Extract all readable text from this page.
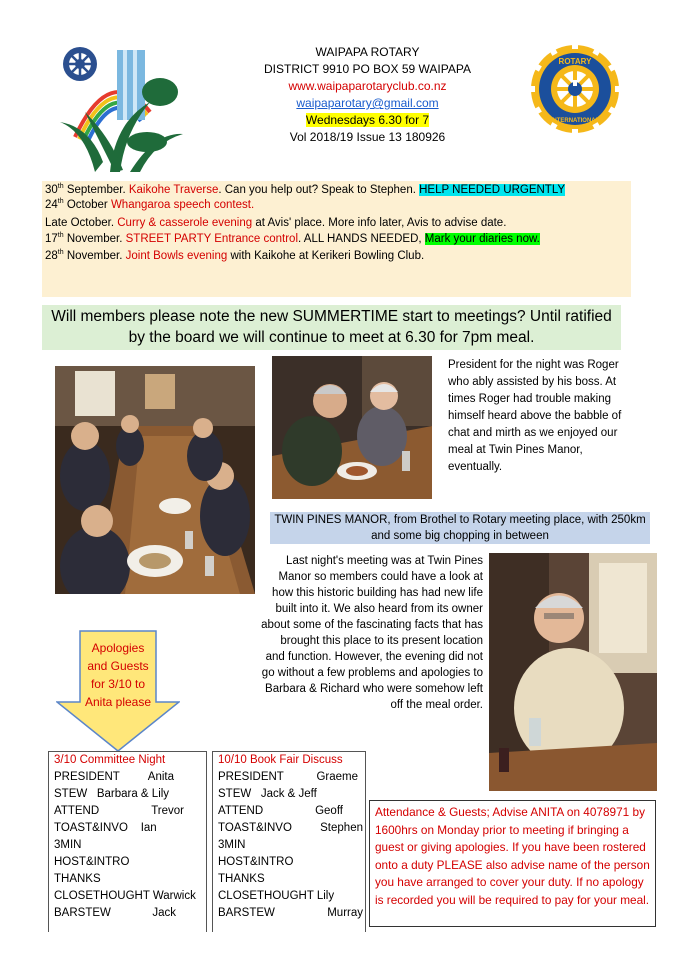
WAIPAPA ROTARY
DISTRICT 9910 PO BOX 59 WAIPAPA
www.waipaparotaryclub.co.nz
waipaparotary@gmail.com
Wednesdays 6.30 for 7
Vol 2018/19 Issue 13 180926
ROTARY
INTERNATIONAL
30th September. Kaikohe Traverse. Can you help out? Speak to Stephen. HELP NEEDED URGENTLY
24th October Whangaroa speech contest.
Late October. Curry & casserole evening at Avis' place. More info later, Avis to advise date.
17th November. STREET PARTY Entrance control. ALL HANDS NEEDED, Mark your diaries now.
28th November. Joint Bowls evening with Kaikohe at Kerikeri Bowling Club.
Will members please note the new SUMMERTIME start to meetings? Until ratified by the board we will continue to meet at 6.30 for 7pm meal.
President for the night was Roger who ably assisted by his boss. At times Roger had trouble making himself heard above the babble of chat and mirth as we enjoyed our meal at Twin Pines Manor, eventually.
TWIN PINES MANOR, from Brothel to Rotary meeting place, with 250km and some big chopping in between
Last night's meeting was at Twin Pines Manor so members could have a look at how this historic building has had new life built into it. We also heard from its owner about some of the fascinating facts that has brought this place to its present location and function. However, the evening did not go without a few problems and apologies to Barbara & Richard who were somehow left off the meal order.
Apologies and Guests for 3/10 to Anita please
3/10 Committee Night
PRESIDENT Anita
STEW Barbara & Lily
ATTEND	Trevor
TOAST&INVO Ian
3MIN
HOST&INTRO
THANKS
CLOSETHOUGHT Warwick
BARSTEW	Jack
10/10 Book Fair Discuss
PRESIDENT	Graeme
STEW Jack & Jeff
ATTEND	Geoff
TOAST&INVO Stephen
3MIN
HOST&INTRO
THANKS
CLOSETHOUGHT Lily
BARSTEW	Murray
Attendance & Guests; Advise ANITA on 4078971 by 1600hrs on Monday prior to meeting if bringing a guest or giving apologies. If you have been rostered onto a duty PLEASE also advise name of the person you have arranged to cover your duty. If no apology is recorded you will be required to pay for your meal.
